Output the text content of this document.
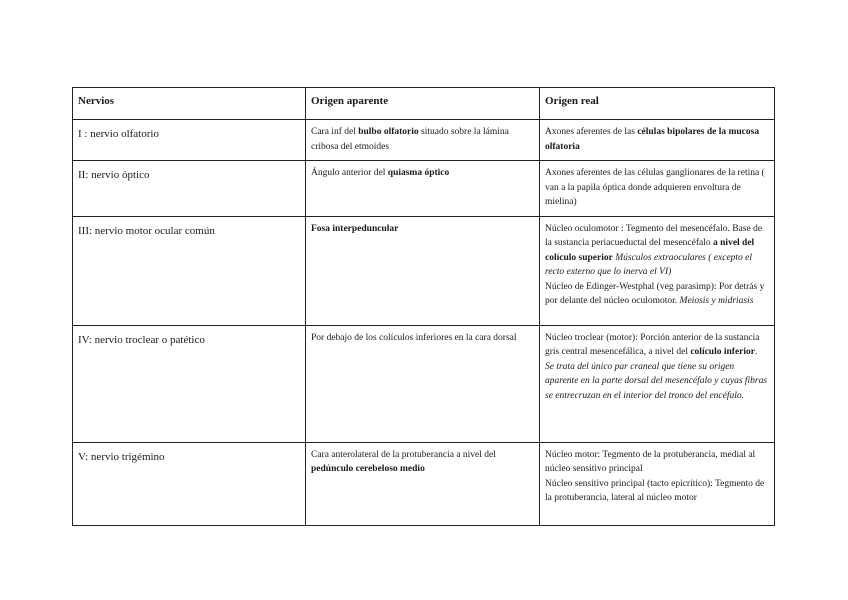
Nervios	Origen aparente	Origen real
I : nervio olfatorio	Cara inf del bulbo olfatorio situado sobre la lámina cribosa del etmoides	Axones aferentes de las células bipolares de la mucosa olfatoria
II: nervio óptico	Ángulo anterior del quiasma óptico	Axones aferentes de las células ganglionares de la retina ( van a la papila óptica donde adquieren envoltura de mielina)
III: nervio motor ocular común	Fosa interpeduncular	Núcleo oculomotor : Tegmento del mesencéfalo. Base de la sustancia periacueductal del mesencéfalo a nivel del colículo superior Músculos extraoculares ( excepto el recto externo que lo inerva el VI)
Núcleo de Edinger-Westphal (veg parasimp): Por detrás y por delante del núcleo oculomotor. Meiosis y midriasis
IV: nervio troclear o patético	Por debajo de los colículos inferiores en la cara dorsal	Núcleo troclear (motor): Porción anterior de la sustancia gris central mesencefálica, a nivel del colículo inferior.
Se trata del único par craneal que tiene su origen aparente en la parte dorsal del mesencéfalo y cuyas fibras se entrecruzan en el interior del tronco del encéfalo.
V: nervio trigémino	Cara anterolateral de la protuberancia a nivel del pedúnculo cerebeloso medio	Núcleo motor: Tegmento de la protuberancia, medial al núcleo sensitivo principal
Núcleo sensitivo principal (tacto epicrítico): Tegmento de la protuberancia, lateral al núcleo motor
